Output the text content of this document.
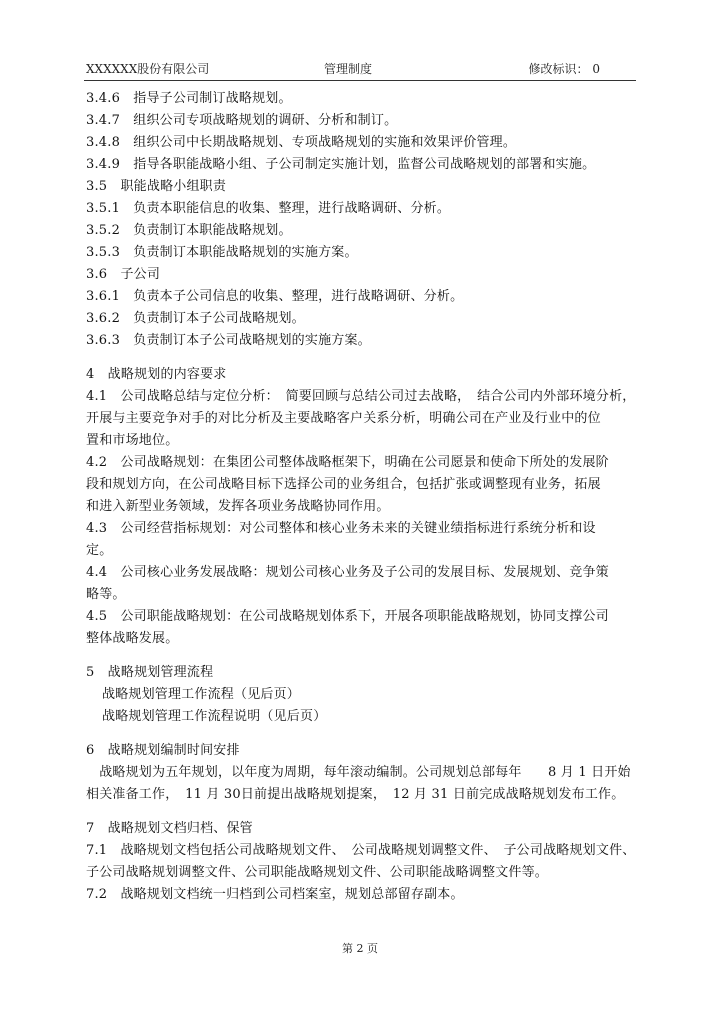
XXXXXX股份有限公司	管理制度	修改标识： 0
3.4.6　指导子公司制订战略规划。
3.4.7　组织公司专项战略规划的调研、分析和制订。
3.4.8　组织公司中长期战略规划、专项战略规划的实施和效果评价管理。
3.4.9　指导各职能战略小组、子公司制定实施计划，监督公司战略规划的部署和实施。
3.5　职能战略小组职责
3.5.1　负责本职能信息的收集、整理，进行战略调研、分析。
3.5.2　负责制订本职能战略规划。
3.5.3　负责制订本职能战略规划的实施方案。
3.6　子公司
3.6.1　负责本子公司信息的收集、整理，进行战略调研、分析。
3.6.2　负责制订本子公司战略规划。
3.6.3　负责制订本子公司战略规划的实施方案。
4　战略规划的内容要求
4.1　公司战略总结与定位分析：　简要回顾与总结公司过去战略，　结合公司内外部环境分析，
开展与主要竞争对手的对比分析及主要战略客户关系分析，明确公司在产业及行业中的位
置和市场地位。
4.2　公司战略规划：在集团公司整体战略框架下，明确在公司愿景和使命下所处的发展阶
段和规划方向，在公司战略目标下选择公司的业务组合，包括扩张或调整现有业务，拓展
和进入新型业务领域，发挥各项业务战略协同作用。
4.3　公司经营指标规划：对公司整体和核心业务未来的关键业绩指标进行系统分析和设
定。
4.4　公司核心业务发展战略：规划公司核心业务及子公司的发展目标、发展规划、竞争策
略等。
4.5　公司职能战略规划：在公司战略规划体系下，开展各项职能战略规划，协同支撑公司
整体战略发展。
5　战略规划管理流程
战略规划管理工作流程（见后页）
战略规划管理工作流程说明（见后页）
6　战略规划编制时间安排
　战略规划为五年规划，以年度为周期，每年滚动编制。公司规划总部每年　　8 月 1 日开始
相关准备工作，　11 月 30日前提出战略规划提案，　12 月 31 日前完成战略规划发布工作。
7　战略规划文档归档、保管
7.1　战略规划文档包括公司战略规划文件、　公司战略规划调整文件、　子公司战略规划文件、
子公司战略规划调整文件、公司职能战略规划文件、公司职能战略调整文件等。
7.2　战略规划文档统一归档到公司档案室，规划总部留存副本。
第 2 页
